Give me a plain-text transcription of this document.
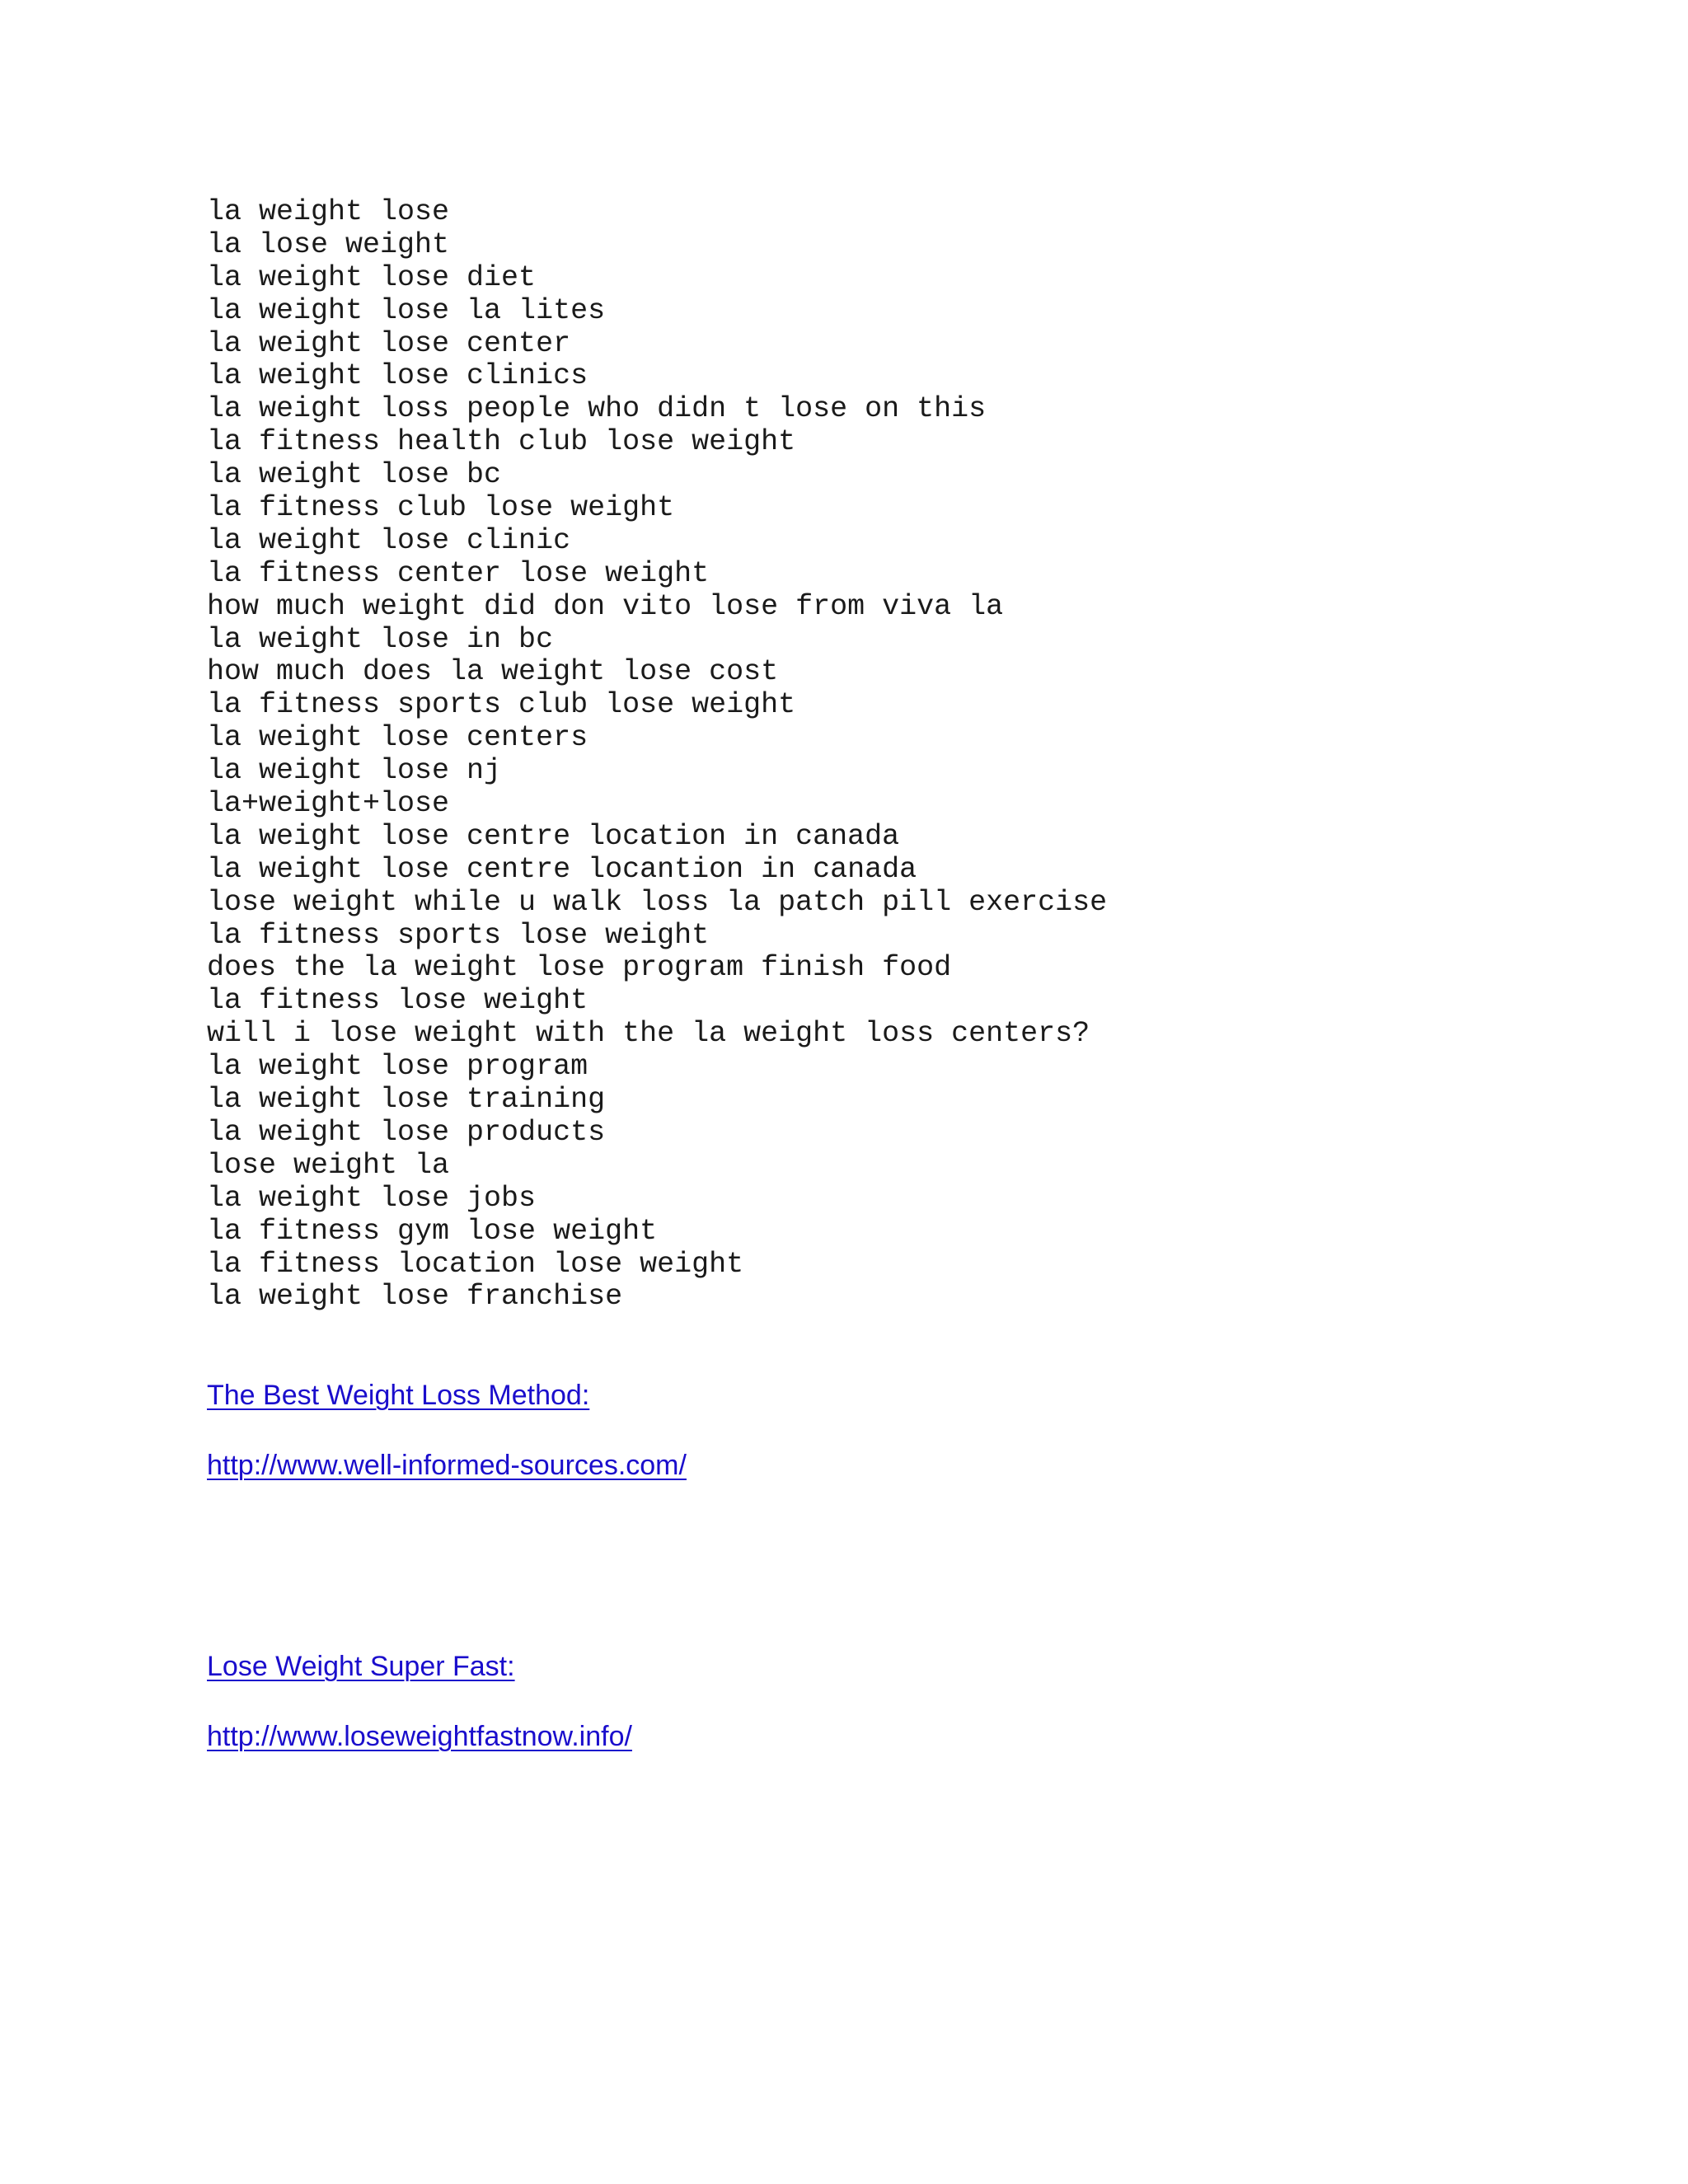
la weight lose
la lose weight
la weight lose diet
la weight lose la lites
la weight lose center
la weight lose clinics
la weight loss people who didn t lose on this
la fitness health club lose weight
la weight lose bc
la fitness club lose weight
la weight lose clinic
la fitness center lose weight
how much weight did don vito lose from viva la
la weight lose in bc
how much does la weight lose cost
la fitness sports club lose weight
la weight lose centers
la weight lose nj
la+weight+lose
la weight lose centre location in canada
la weight lose centre locantion in canada
lose weight while u walk loss la patch pill exercise
la fitness sports lose weight
does the la weight lose program finish food
la fitness lose weight
will i lose weight with the la weight loss centers?
la weight lose program
la weight lose training
la weight lose products
lose weight la
la weight lose jobs
la fitness gym lose weight
la fitness location lose weight
la weight lose franchise
The Best Weight Loss Method:
http://www.well-informed-sources.com/
Lose Weight Super Fast:
http://www.loseweightfastnow.info/
